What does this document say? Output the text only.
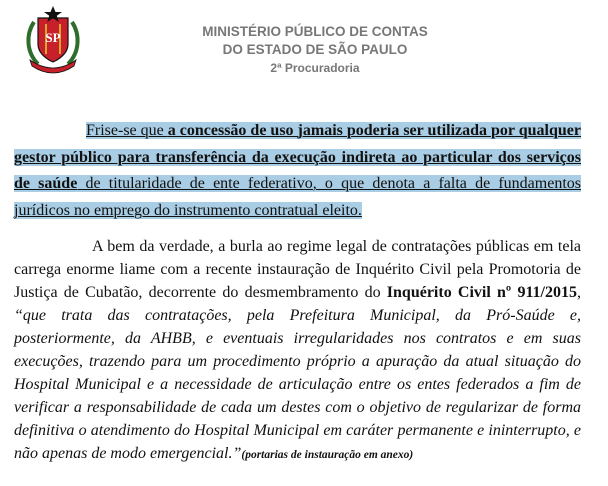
SP	MINISTÉRIO PÚBLICO DE CONTAS
DO ESTADO DE SÃO PAULO
2ª Procuradoria
Frise-se que a concessão de uso jamais poderia ser utilizada por qualquer gestor público para transferência da execução indireta ao particular dos serviços de saúde de titularidade de ente federativo, o que denota a falta de fundamentos jurídicos no emprego do instrumento contratual eleito.
A bem da verdade, a burla ao regime legal de contratações públicas em tela carrega enorme liame com a recente instauração de Inquérito Civil pela Promotoria de Justiça de Cubatão, decorrente do desmembramento do Inquérito Civil nº 911/2015, “que trata das contratações, pela Prefeitura Municipal, da Pró-Saúde e, posteriormente, da AHBB, e eventuais irregularidades nos contratos e em suas execuções, trazendo para um procedimento próprio a apuração da atual situação do Hospital Municipal e a necessidade de articulação entre os entes federados a fim de verificar a responsabilidade de cada um destes com o objetivo de regularizar de forma definitiva o atendimento do Hospital Municipal em caráter permanente e ininterrupto, e não apenas de modo emergencial.”(portarias de instauração em anexo)
